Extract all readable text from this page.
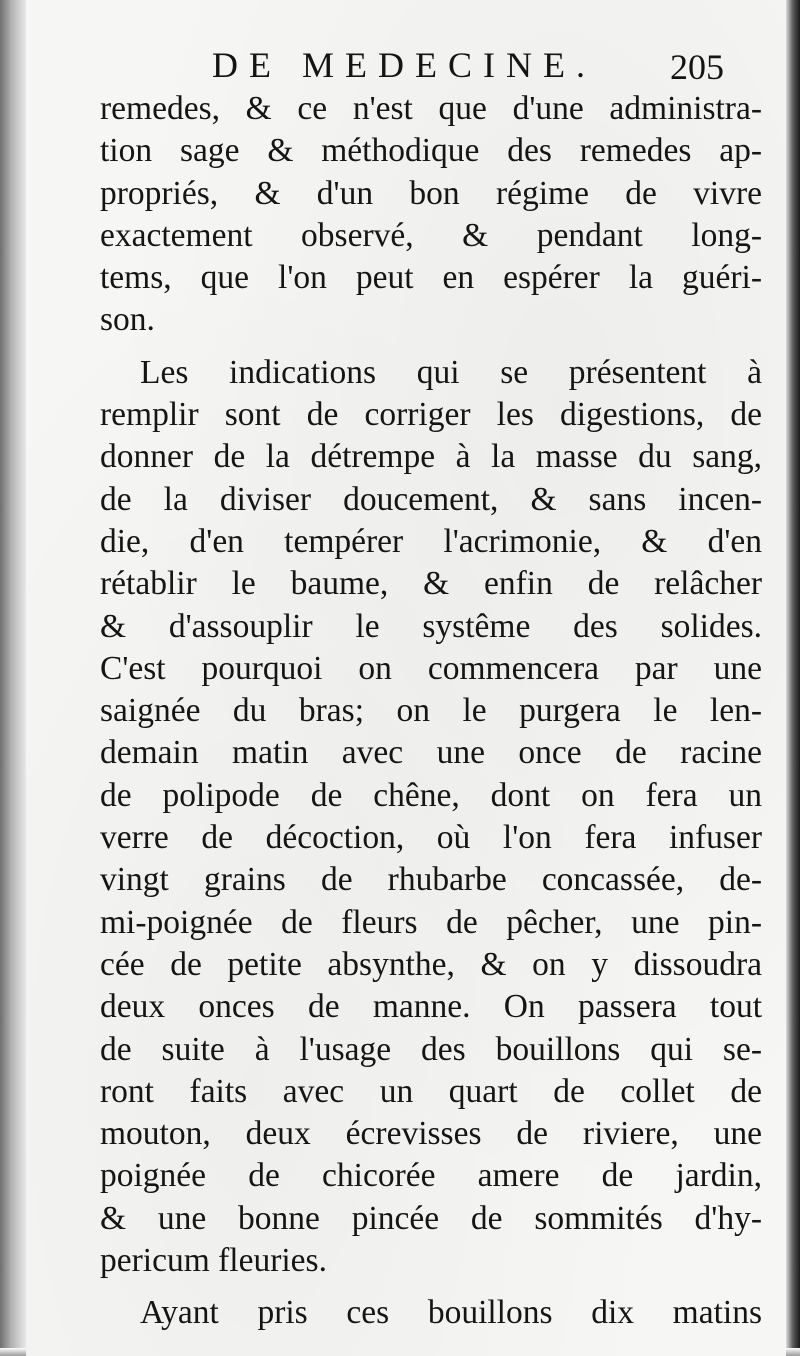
DE MEDECINE. 205
remedes, & ce n'est que d'une administra-
tion sage & méthodique des remedes ap-
propriés, & d'un bon régime de vivre
exactement observé, & pendant long-
tems, que l'on peut en espérer la guéri-
son.
Les indications qui se présentent à
remplir sont de corriger les digestions, de
donner de la détrempe à la masse du sang,
de la diviser doucement, & sans incen-
die, d'en tempérer l'acrimonie, & d'en
rétablir le baume, & enfin de relâcher
& d'assouplir le systême des solides.
C'est pourquoi on commencera par une
saignée du bras; on le purgera le len-
demain matin avec une once de racine
de polipode de chêne, dont on fera un
verre de décoction, où l'on fera infuser
vingt grains de rhubarbe concassée, de-
mi-poignée de fleurs de pêcher, une pin-
cée de petite absynthe, & on y dissoudra
deux onces de manne. On passera tout
de suite à l'usage des bouillons qui se-
ront faits avec un quart de collet de
mouton, deux écrevisses de riviere, une
poignée de chicorée amere de jardin,
& une bonne pincée de sommités d'hy-
pericum fleuries.
Ayant pris ces bouillons dix matins
